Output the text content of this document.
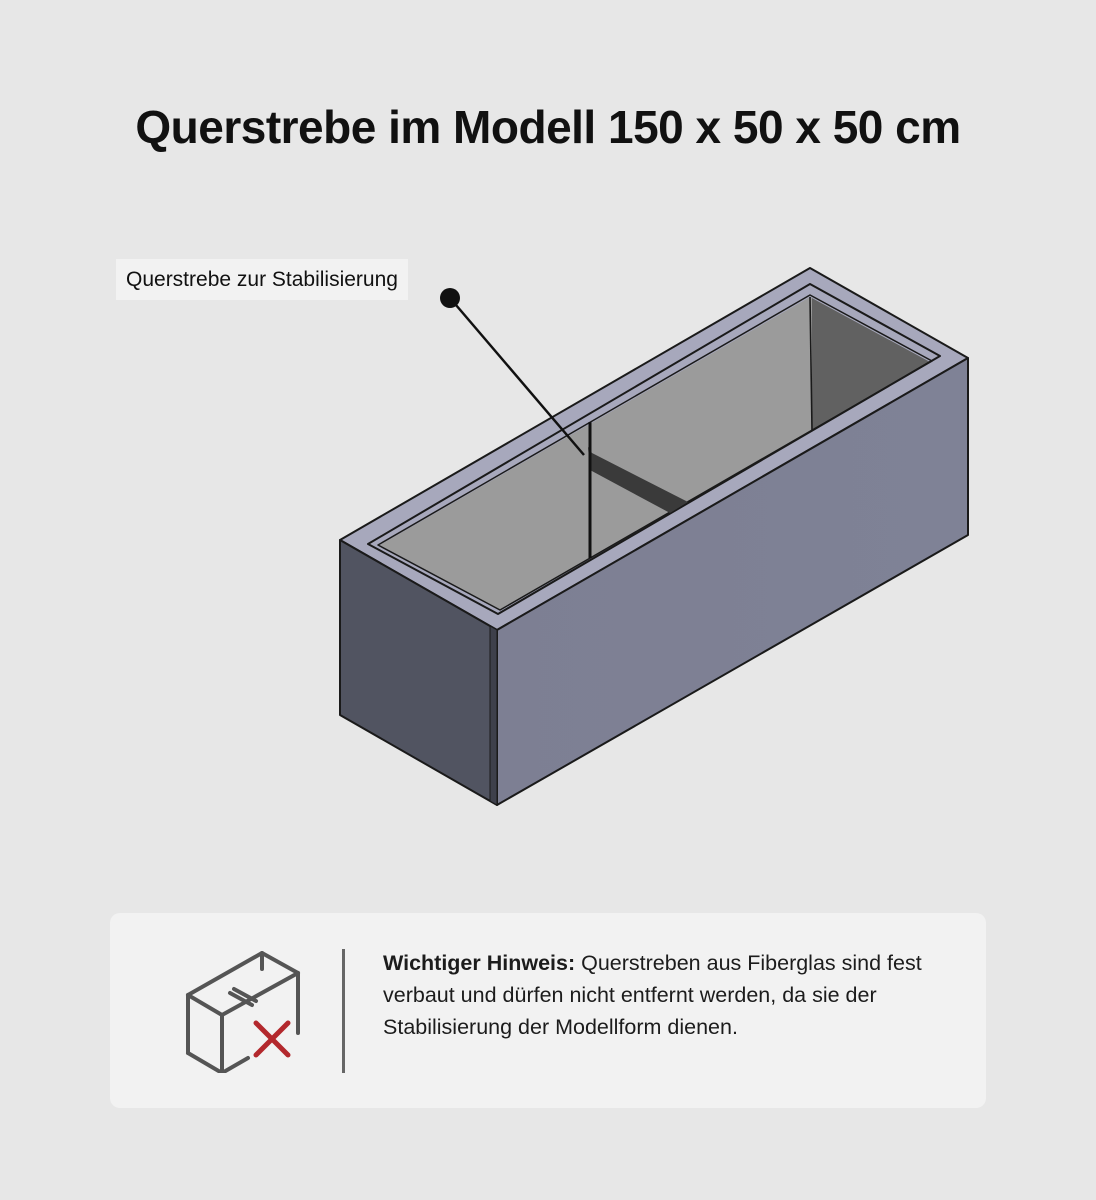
Querstrebe im Modell 150 x 50 x 50 cm
Querstrebe zur Stabilisierung

Wichtiger Hinweis: Querstreben aus Fiberglas sind fest verbaut und dürfen nicht entfernt werden, da sie der Stabilisierung der Modellform dienen.
